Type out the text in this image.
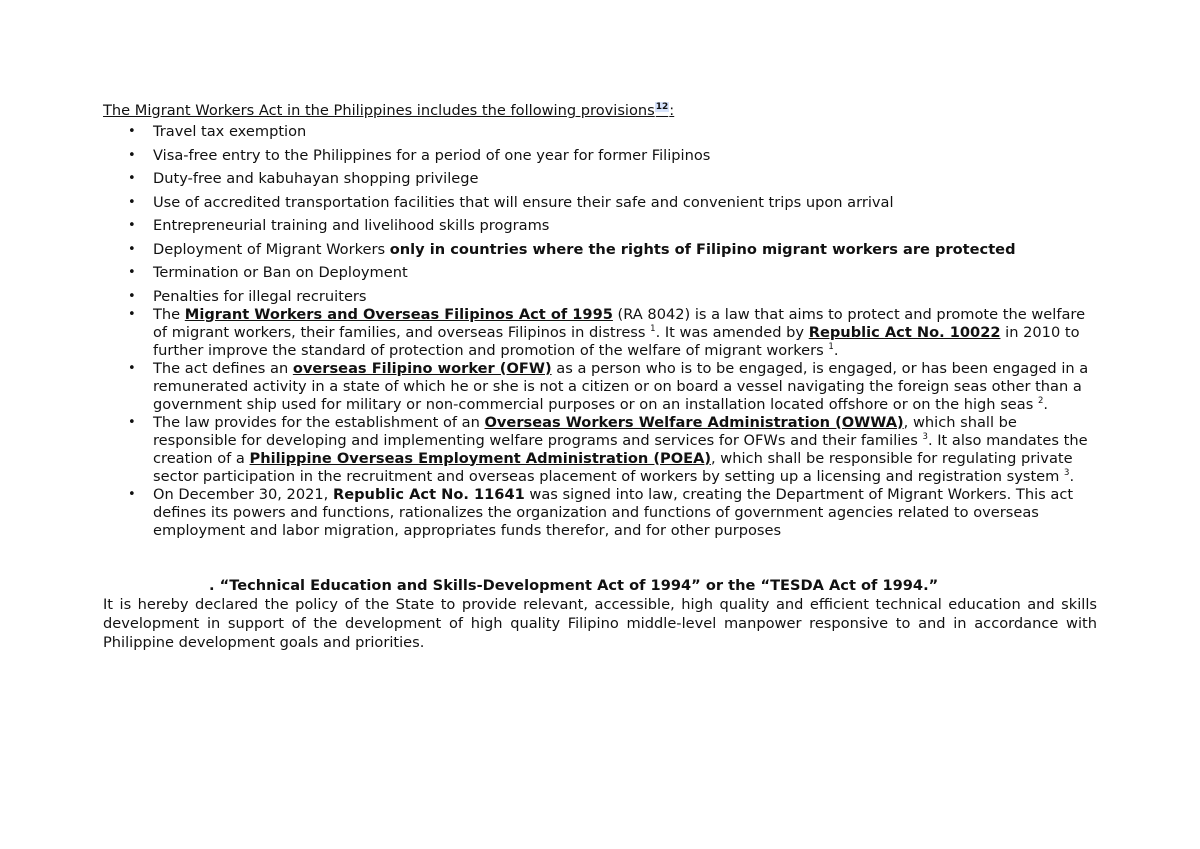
The Migrant Workers Act in the Philippines includes the following provisions$^{12}$:

• Travel tax exemption
• Visa-free entry to the Philippines for a period of one year for former Filipinos
• Duty-free and kabuhayan shopping privilege
• Use of accredited transportation facilities that will ensure their safe and convenient trips upon arrival
• Entrepreneurial training and livelihood skills programs
• Deployment of Migrant Workers only in countries where the rights of Filipino migrant workers are protected
• Termination or Ban on Deployment
• Penalties for illegal recruiters
• The Migrant Workers and Overseas Filipinos Act of 1995 (RA 8042) is a law that aims to protect and promote the welfare of migrant workers, their families, and overseas Filipinos in distress $^1$. It was amended by Republic Act No. 10022 in 2010 to further improve the standard of protection and promotion of the welfare of migrant workers $^1$.
• The act defines an overseas Filipino worker (OFW) as a person who is to be engaged, is engaged, or has been engaged in a remunerated activity in a state of which he or she is not a citizen or on board a vessel navigating the foreign seas other than a government ship used for military or non-commercial purposes or on an installation located offshore or on the high seas $^2$.
• The law provides for the establishment of an Overseas Workers Welfare Administration (OWWA), which shall be responsible for developing and implementing welfare programs and services for OFWs and their families $^3$. It also mandates the creation of a Philippine Overseas Employment Administration (POEA), which shall be responsible for regulating private sector participation in the recruitment and overseas placement of workers by setting up a licensing and registration system $^3$.
• On December 30, 2021, Republic Act No. 11641 was signed into law, creating the Department of Migrant Workers. This act defines its powers and functions, rationalizes the organization and functions of government agencies related to overseas employment and labor migration, appropriates funds therefor, and for other purposes

. “Technical Education and Skills-Development Act of 1994” or the “TESDA Act of 1994.”

It is hereby declared the policy of the State to provide relevant, accessible, high quality and efficient technical education and skills development in support of the development of high quality Filipino middle-level manpower responsive to and in accordance with Philippine development goals and priorities.
